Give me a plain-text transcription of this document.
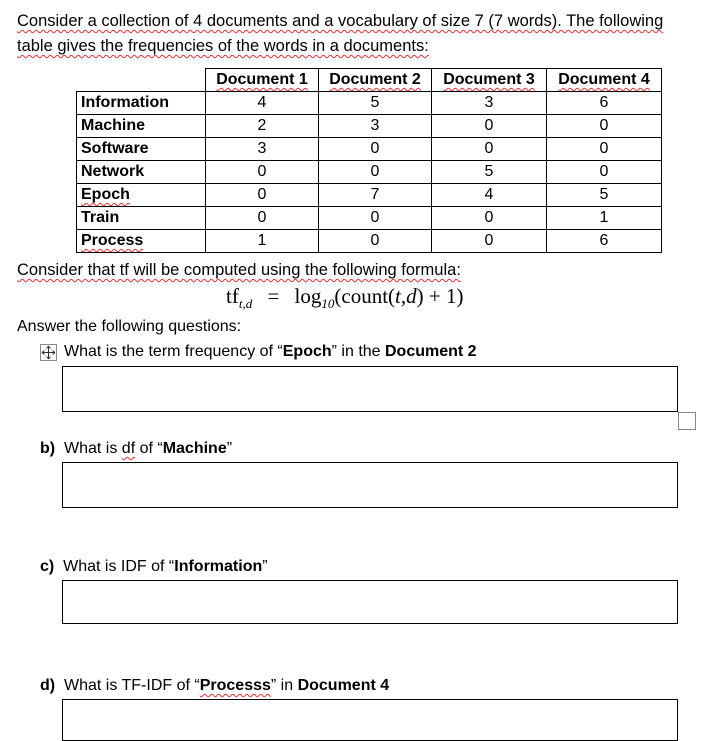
Consider a collection of 4 documents and a vocabulary of size 7 (7 words). The following
table gives the frequencies of the words in a documents:
	Document 1	Document 2	Document 3	Document 4
Information	4	5	3	6
Machine	2	3	0	0
Software	3	0	0	0
Network	0	0	5	0
Epoch	0	7	4	5
Train	0	0	0	1
Process	1	0	0	6
Consider that tf will be computed using the following formula:
$tf_{t,d}$ = $\log_{10}(count(t,d) + 1)$
Answer the following questions:
What is the term frequency of “Epoch” in the Document 2
b) What is df of “Machine”
c) What is IDF of “Information”
d) What is TF-IDF of “Processs” in Document 4
